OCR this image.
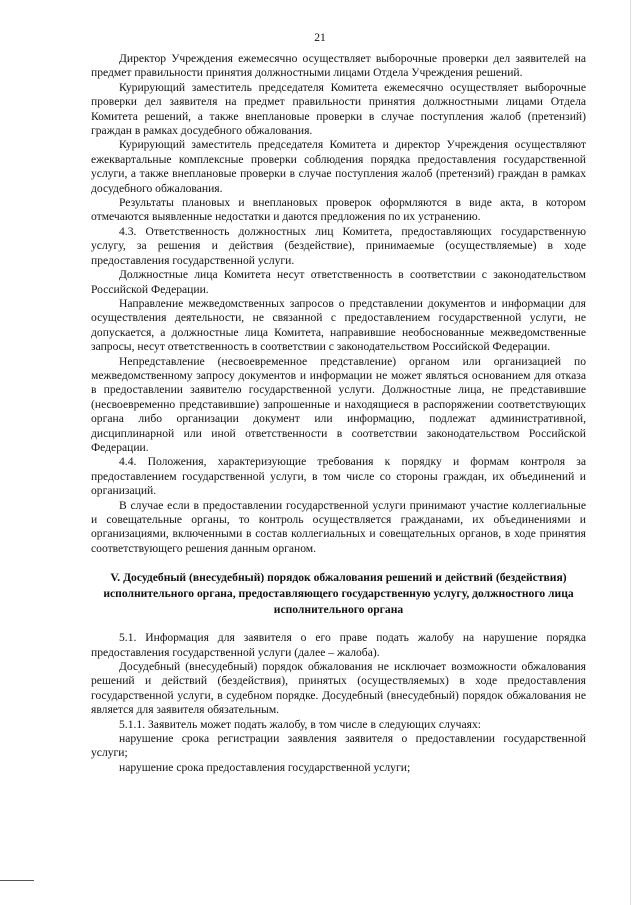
21

Директор Учреждения ежемесячно осуществляет выборочные проверки дел заявителей на предмет правильности принятия должностными лицами Отдела Учреждения решений.

Курирующий заместитель председателя Комитета ежемесячно осуществляет выборочные проверки дел заявителя на предмет правильности принятия должностными лицами Отдела Комитета решений, а также внеплановые проверки в случае поступления жалоб (претензий) граждан в рамках досудебного обжалования.

Курирующий заместитель председателя Комитета и директор Учреждения осуществляют ежеквартальные комплексные проверки соблюдения порядка предоставления государственной услуги, а также внеплановые проверки в случае поступления жалоб (претензий) граждан в рамках досудебного обжалования.

Результаты плановых и внеплановых проверок оформляются в виде акта, в котором отмечаются выявленные недостатки и даются предложения по их устранению.

4.3. Ответственность должностных лиц Комитета, предоставляющих государственную услугу, за решения и действия (бездействие), принимаемые (осуществляемые) в ходе предоставления государственной услуги.

Должностные лица Комитета несут ответственность в соответствии с законодательством Российской Федерации.

Направление межведомственных запросов о представлении документов и информации для осуществления деятельности, не связанной с предоставлением государственной услуги, не допускается, а должностные лица Комитета, направившие необоснованные межведомственные запросы, несут ответственность в соответствии с законодательством Российской Федерации.

Непредставление (несвоевременное представление) органом или организацией по межведомственному запросу документов и информации не может являться основанием для отказа в предоставлении заявителю государственной услуги. Должностные лица, не представившие (несвоевременно представившие) запрошенные и находящиеся в распоряжении соответствующих органа либо организации документ или информацию, подлежат административной, дисциплинарной или иной ответственности в соответствии законодательством Российской Федерации.

4.4. Положения, характеризующие требования к порядку и формам контроля за предоставлением государственной услуги, в том числе со стороны граждан, их объединений и организаций.

В случае если в предоставлении государственной услуги принимают участие коллегиальные и совещательные органы, то контроль осуществляется гражданами, их объединениями и организациями, включенными в состав коллегиальных и совещательных органов, в ходе принятия соответствующего решения данным органом.

V. Досудебный (внесудебный) порядок обжалования решений и действий (бездействия) исполнительного органа, предоставляющего государственную услугу, должностного лица исполнительного органа

5.1. Информация для заявителя о его праве подать жалобу на нарушение порядка предоставления государственной услуги (далее – жалоба).

Досудебный (внесудебный) порядок обжалования не исключает возможности обжалования решений и действий (бездействия), принятых (осуществляемых) в ходе предоставления государственной услуги, в судебном порядке. Досудебный (внесудебный) порядок обжалования не является для заявителя обязательным.

5.1.1. Заявитель может подать жалобу, в том числе в следующих случаях:

нарушение срока регистрации заявления заявителя о предоставлении государственной услуги;

нарушение срока предоставления государственной услуги;
